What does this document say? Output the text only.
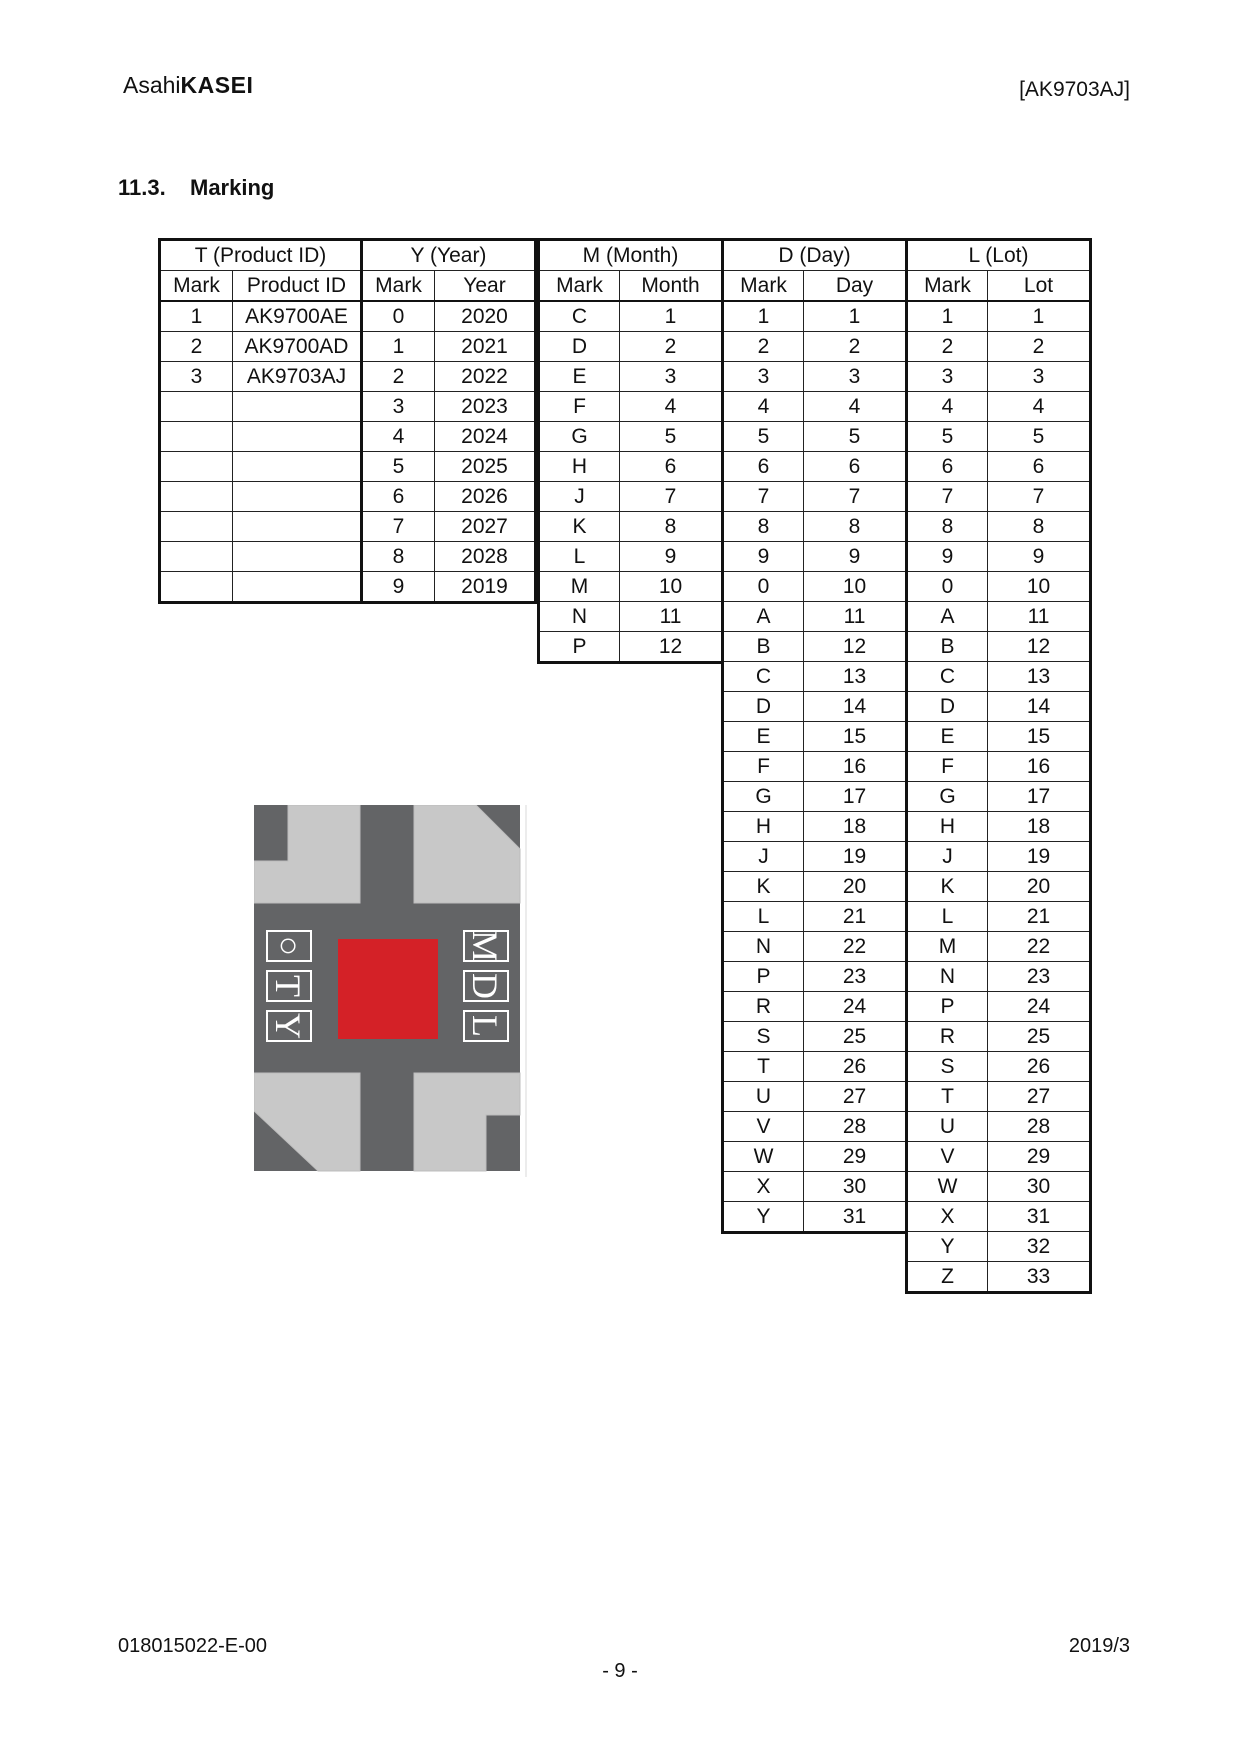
AsahiKASEI	[AK9703AJ]
11.3. Marking
T (Product ID)	
Mark	Product ID
1	AK9700AE
2	AK9700AD
3	AK9703AJ

Y (Year)	
Mark	Year
0	2020
1	2021
2	2022
3	2023
4	2024
5	2025
6	2026
7	2027
8	2028
9	2019
M (Month)	
Mark	Month
C	1
D	2
E	3
F	4
G	5
H	6
J	7
K	8
L	9
M	10
N	11
P	12
D (Day)	
Mark	Day
1	1
2	2
3	3
4	4
5	5
6	6
7	7
8	8
9	9
0	10
A	11
B	12
C	13
D	14
E	15
F	16
G	17
H	18
J	19
K	20
L	21
N	22
P	23
R	24
S	25
T	26
U	27
V	28
W	29
X	30
Y	31
L (Lot)	
Mark	Lot
1	1
2	2
3	3
4	4
5	5
6	6
7	7
8	8
9	9
0	10
A	11
B	12
C	13
D	14
E	15
F	16
G	17
H	18
J	19
K	20
L	21
M	22
N	23
P	24
R	25
S	26
T	27
U	28
V	29
W	30
X	31
Y	32
Z	33
○
T
Y
M
D
L
018015022-E-00
- 9 -
2019/3
